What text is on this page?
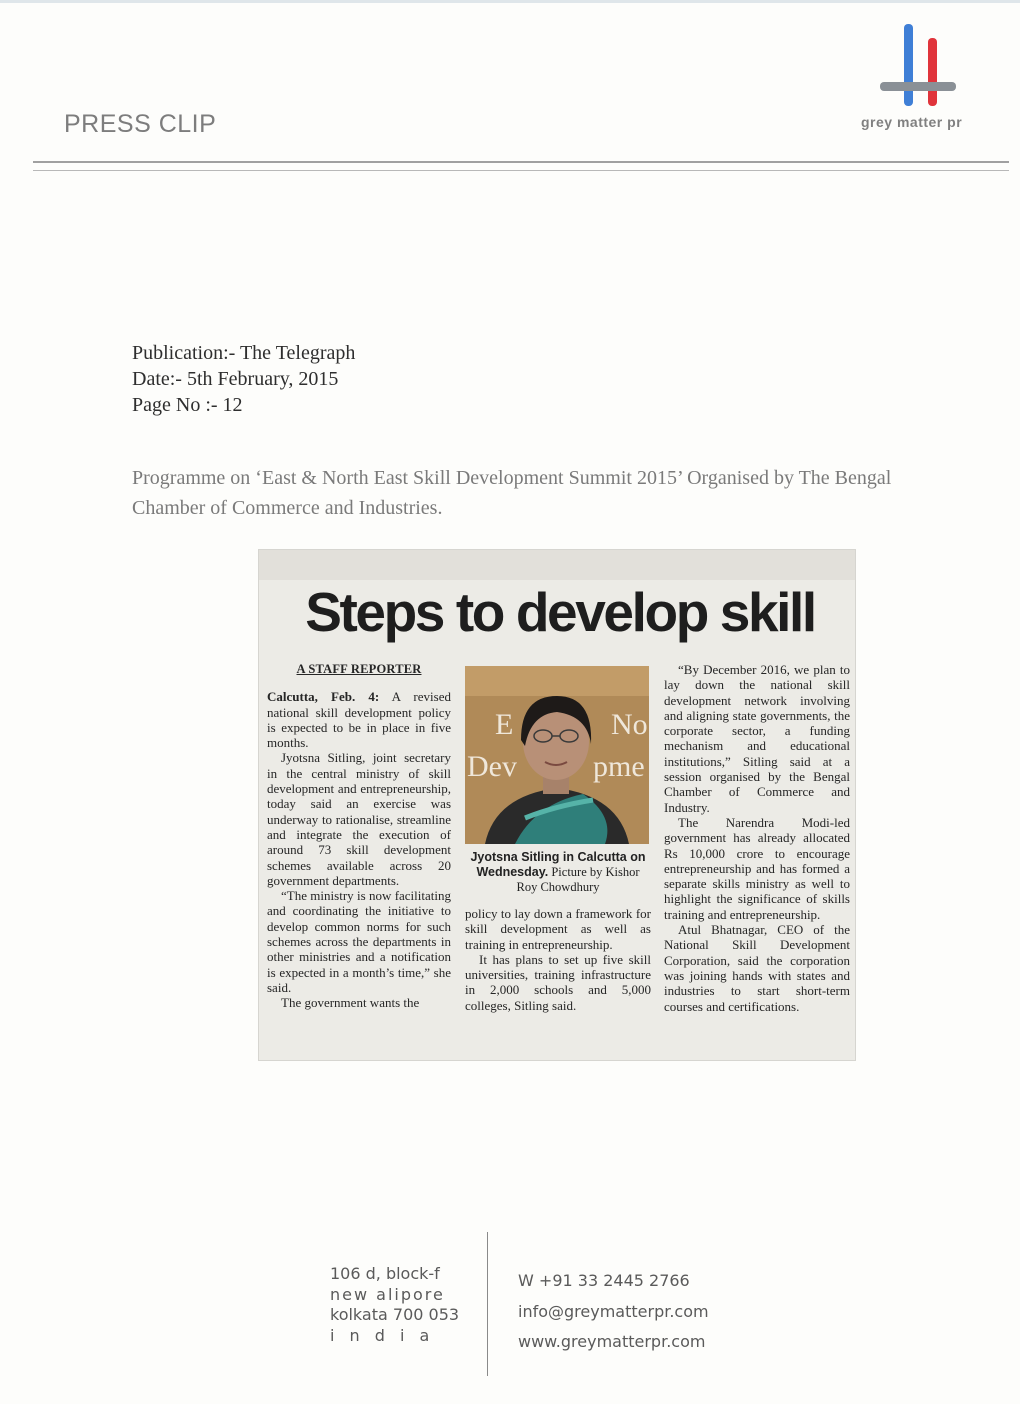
PRESS CLIP	grey matter pr
Publication:- The Telegraph
Date:- 5th February, 2015
Page No :- 12
Programme on ‘East & North East Skill Development Summit 2015’ Organised by The Bengal Chamber of Commerce and Industries.
Steps to develop skill
A STAFF REPORTER

Calcutta, Feb. 4: A revised national skill development policy is expected to be in place in five months.

Jyotsna Sitling, joint secretary in the central ministry of skill development and entrepreneurship, today said an exercise was underway to rationalise, streamline and integrate the execution of around 73 skill development schemes available across 20 government departments.

“The ministry is now facilitating and coordinating the initiative to develop common norms for such schemes across the departments in other ministries and a notification is expected in a month’s time,” she said.

The government wants the

E	No
Dev	pme
Jyotsna Sitling in Calcutta on Wednesday. Picture by Kishor Roy Chowdhury

policy to lay down a framework for skill development as well as training in entrepreneurship.

It has plans to set up five skill universities, training infrastructure in 2,000 schools and 5,000 colleges, Sitling said.

“By December 2016, we plan to lay down the national skill development network involving and aligning state governments, the corporate sector, a funding mechanism and educational institutions,” Sitling said at a session organised by the Bengal Chamber of Commerce and Industry.

The Narendra Modi-led government has already allocated Rs 10,000 crore to encourage entrepreneurship and has formed a separate skills ministry as well to highlight the significance of skills training and entrepreneurship.

Atul Bhatnagar, CEO of the National Skill Development Corporation, said the corporation was joining hands with states and industries to start short-term courses and certifications.

106 d, block-f
new alipore
kolkata 700 053
i n d i a
W +91 33 2445 2766
info@greymatterpr.com
www.greymatterpr.com
